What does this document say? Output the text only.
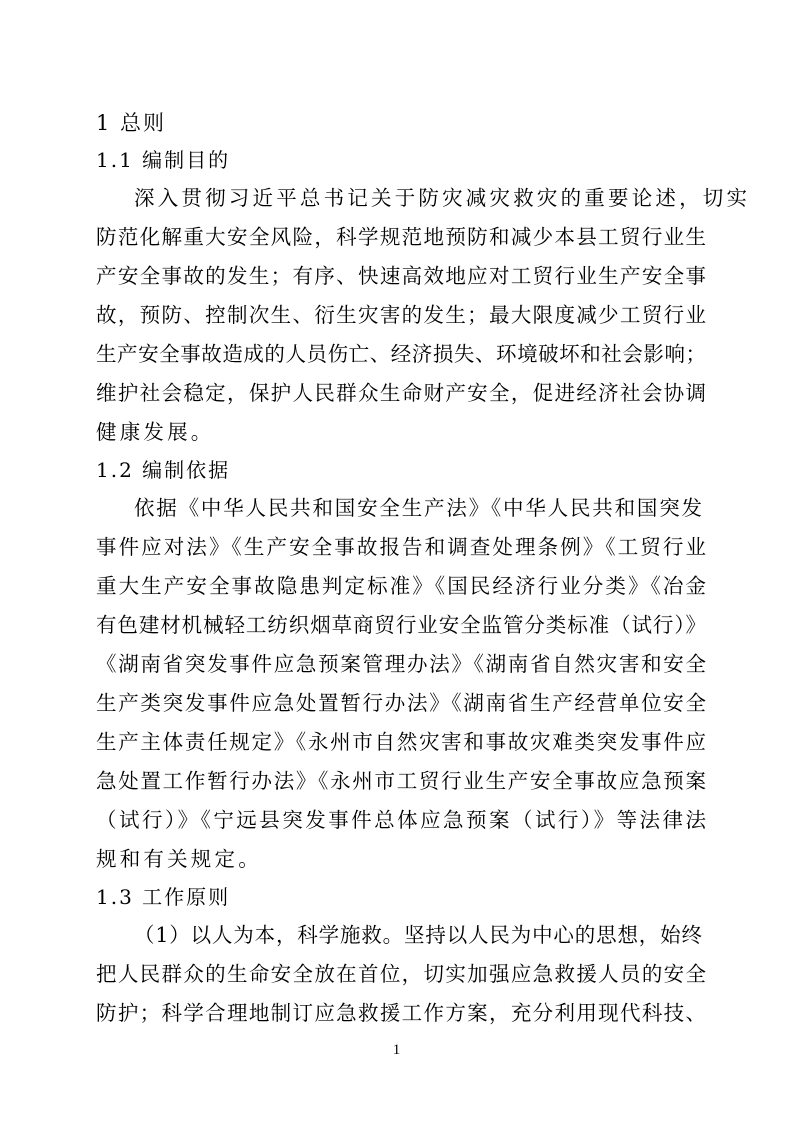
1 总则
1.1 编制目的
深入贯彻习近平总书记关于防灾减灾救灾的重要论述，切实
防范化解重大安全风险，科学规范地预防和减少本县工贸行业生
产安全事故的发生；有序、快速高效地应对工贸行业生产安全事
故，预防、控制次生、衍生灾害的发生；最大限度减少工贸行业
生产安全事故造成的人员伤亡、经济损失、环境破坏和社会影响；
维护社会稳定，保护人民群众生命财产安全，促进经济社会协调
健康发展。
1.2 编制依据
依据《中华人民共和国安全生产法》《中华人民共和国突发
事件应对法》《生产安全事故报告和调查处理条例》《工贸行业
重大生产安全事故隐患判定标准》《国民经济行业分类》《冶金
有色建材机械轻工纺织烟草商贸行业安全监管分类标准（试行）》
《湖南省突发事件应急预案管理办法》《湖南省自然灾害和安全
生产类突发事件应急处置暂行办法》《湖南省生产经营单位安全
生产主体责任规定》《永州市自然灾害和事故灾难类突发事件应
急处置工作暂行办法》《永州市工贸行业生产安全事故应急预案
（试行）》《宁远县突发事件总体应急预案（试行）》等法律法
规和有关规定。
1.3 工作原则
（1）以人为本，科学施救。坚持以人民为中心的思想，始终
把人民群众的生命安全放在首位，切实加强应急救援人员的安全
防护；科学合理地制订应急救援工作方案，充分利用现代科技、
1
